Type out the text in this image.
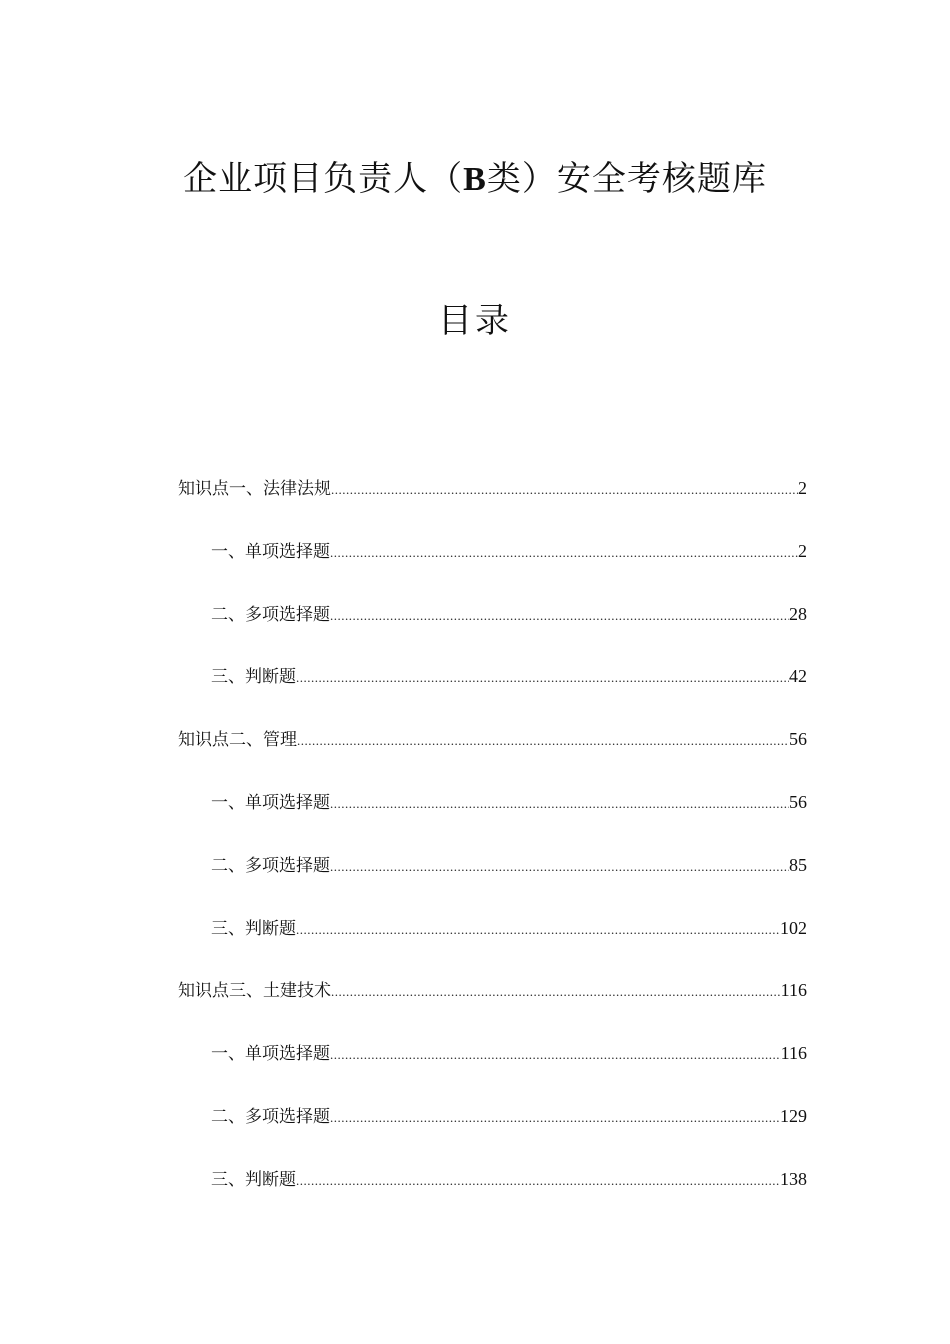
企业项目负责人（B类）安全考核题库
目录
知识点一、法律法规 .....	2
一、单项选择题 .....	2
二、多项选择题 .....	28
三、判断题 .....	42
知识点二、管理 .....	56
一、单项选择题 .....	56
二、多项选择题 .....	85
三、判断题 .....	102
知识点三、土建技术 .....	116
一、单项选择题 .....	116
二、多项选择题 .....	129
三、判断题 .....	138
